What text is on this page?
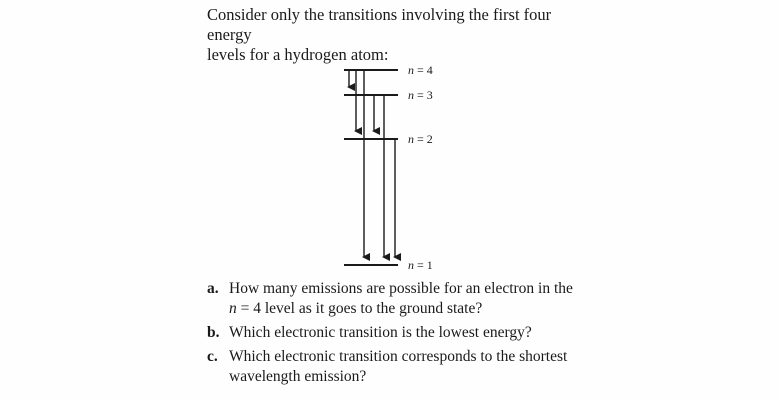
Consider only the transitions involving the first four energy
levels for a hydrogen atom:

n = 4
n = 3
n = 2
n = 1
a. How many emissions are possible for an electron in the
n = 4 level as it goes to the ground state?
b. Which electronic transition is the lowest energy?
c. Which electronic transition corresponds to the shortest
wavelength emission?
